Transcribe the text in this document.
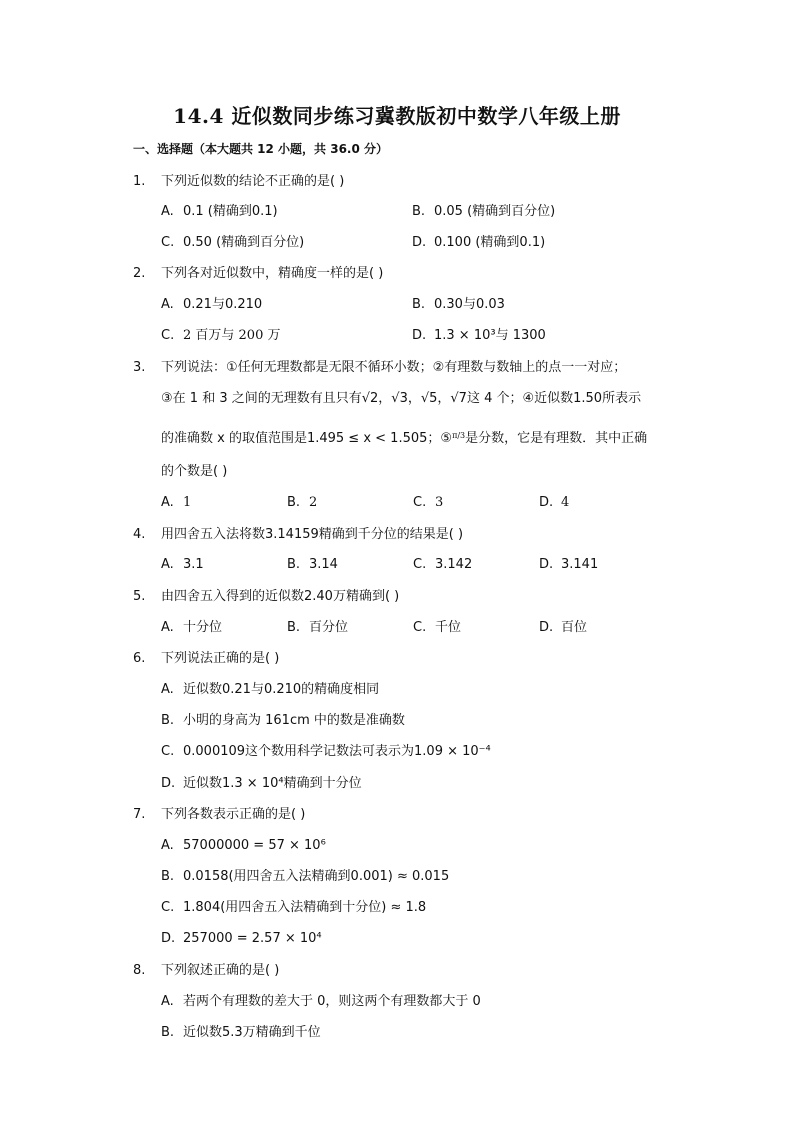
14.4 近似数同步练习冀教版初中数学八年级上册
一、选择题（本大题共 12 小题，共 36.0 分）
1. 下列近似数的结论不正确的是( )
A. 0.1 (精确到0.1)	B. 0.05 (精确到百分位)
C. 0.50 (精确到百分位)	D. 0.100 (精确到0.1)
2. 下列各对近似数中，精确度一样的是( )
A. 0.21与0.210	B. 0.30与0.03
C. 2 百万与 200 万	D. 1.3 × 10³与 1300
3. 下列说法：①任何无理数都是无限不循环小数；②有理数与数轴上的点一一对应；
③在 1 和 3 之间的无理数有且只有√2，√3，√5，√7这 4 个；④近似数1.50所表示
的准确数 x 的取值范围是1.495 ≤ x < 1.505；⑤$^{\pi/3}$是分数，它是有理数．其中正确
的个数是( )
A. 1	B. 2	C. 3	D. 4
4. 用四舍五入法将数3.14159精确到千分位的结果是( )
A. 3.1	B. 3.14	C. 3.142	D. 3.141
5. 由四舍五入得到的近似数2.40万精确到( )
A. 十分位	B. 百分位	C. 千位	D. 百位
6. 下列说法正确的是( )
A. 近似数0.21与0.210的精确度相同
B. 小明的身高为 161cm 中的数是准确数
C. 0.000109这个数用科学记数法可表示为1.09 × 10⁻⁴
D. 近似数1.3 × 10⁴精确到十分位
7. 下列各数表示正确的是( )
A. 57000000 = 57 × 10⁶
B. 0.0158(用四舍五入法精确到0.001) ≈ 0.015
C. 1.804(用四舍五入法精确到十分位) ≈ 1.8
D. 257000 = 2.57 × 10⁴
8. 下列叙述正确的是( )
A. 若两个有理数的差大于 0，则这两个有理数都大于 0
B. 近似数5.3万精确到千位
